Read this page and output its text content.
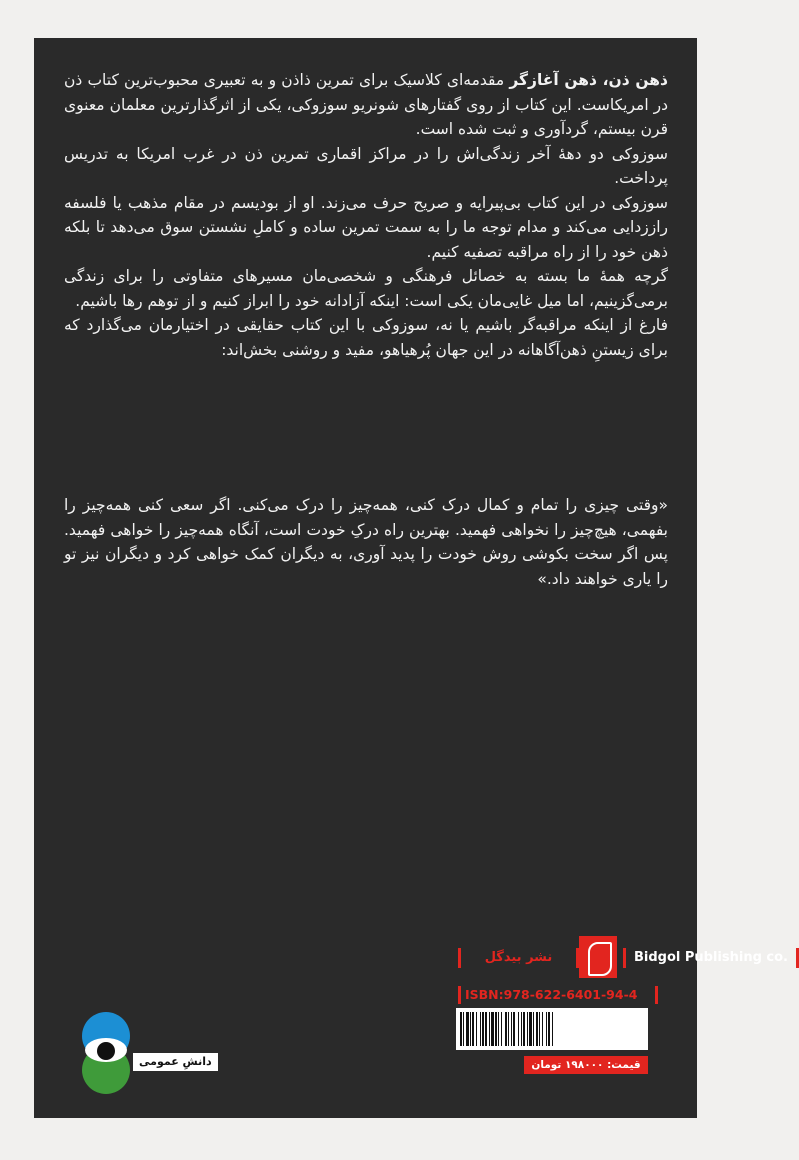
ذهن ذن، ذهن آغازگر مقدمه‌ای کلاسیک برای تمرین ذاذن و به تعبیری محبوب‌ترین کتاب ذن در امریکاست. این کتاب از روی گفتارهای شونریو سوزوکی، یکی از اثرگذارترین معلمان معنوی قرن بیستم، گردآوری و ثبت شده است.

سوزوکی دو دهۀ آخر زندگی‌اش را در مراکز اقماری تمرین ذن در غرب امریکا به تدریس پرداخت.

سوزوکی در این کتاب بی‌پیرایه و صریح حرف می‌زند. او از بودیسم در مقام مذهب یا فلسفه راززدایی می‌کند و مدام توجه ما را به سمت تمرین ساده و کاملِ نشستن سوق می‌دهد تا بلکه ذهن خود را از راه مراقبه تصفیه کنیم.

گرچه همۀ ما بسته به خصائل فرهنگی و شخصی‌مان مسیرهای متفاوتی را برای زندگی برمی‌گزینیم، اما میل غایی‌مان یکی است: اینکه آزادانه خود را ابراز کنیم و از توهم رها باشیم.

فارغ از اینکه مراقبه‌گر باشیم یا نه، سوزوکی با این کتاب حقایقی در اختیارمان می‌گذارد که برای زیستنِ ذهن‌آگاهانه در این جهان پُرهیاهو، مفید و روشنی بخش‌اند:

«وقتی چیزی را تمام و کمال درک کنی، همه‌چیز را درک می‌کنی. اگر سعی کنی همه‌چیز را بفهمی، هیچ‌چیز را نخواهی فهمید. بهترین راه درکِ خودت است، آنگاه همه‌چیز را خواهی فهمید. پس اگر سخت بکوشی روش خودت را پدید آوری، به دیگران کمک خواهی کرد و دیگران نیز تو را یاری خواهند داد.»

دانشِ عمومی
نشر بیدگل	Bidgol Publishing co.
ISBN:978-622-6401-94-4
قیمت: ۱۹۸۰۰۰ تومان
